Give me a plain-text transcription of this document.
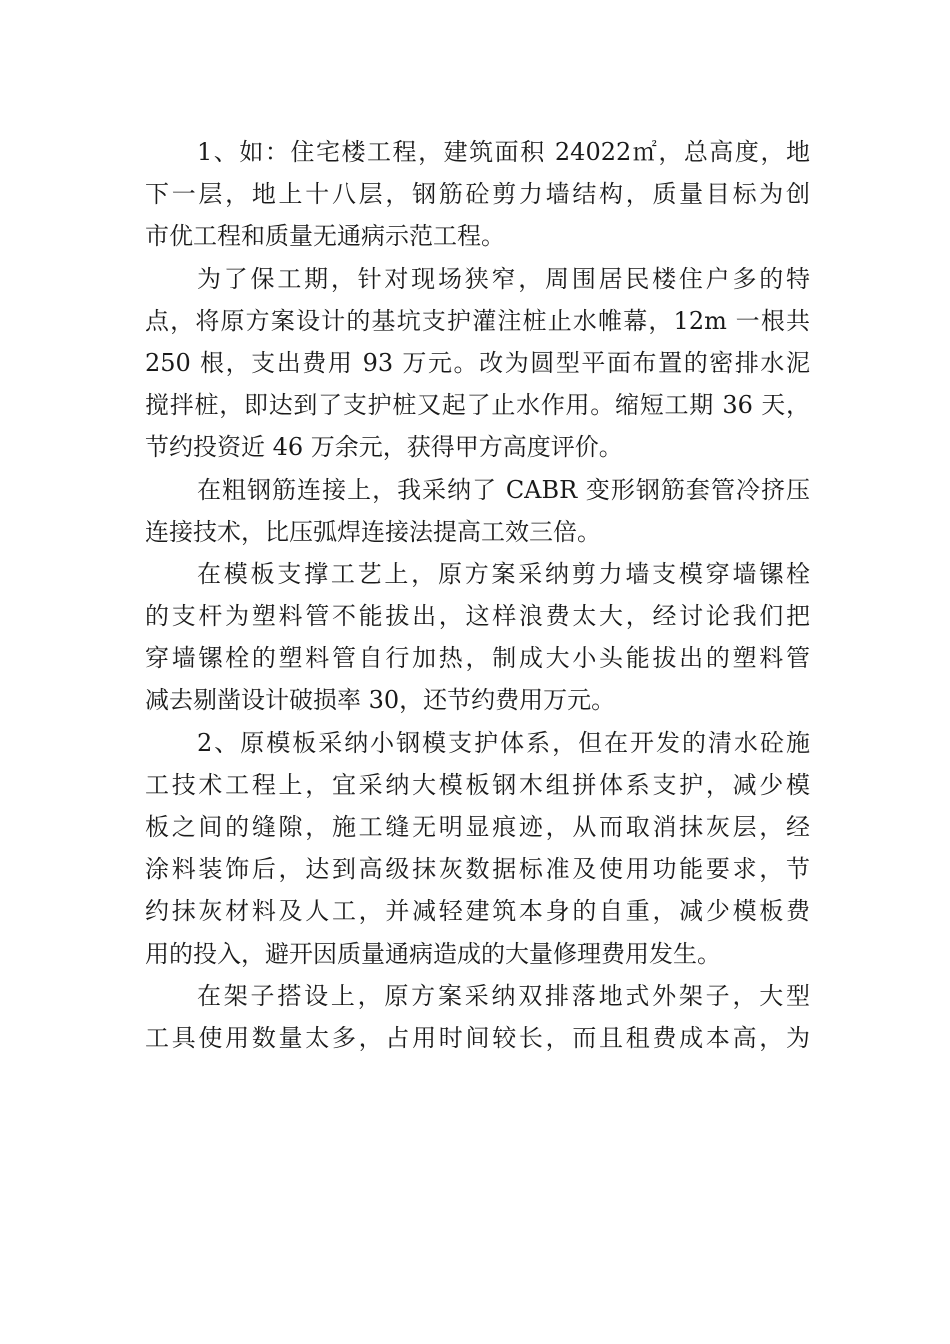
1、如：住宅楼工程，建筑面积 24022㎡，总高度，地
下一层，地上十八层，钢筋砼剪力墙结构，质量目标为创
市优工程和质量无通病示范工程。
为了保工期，针对现场狭窄，周围居民楼住户多的特
点，将原方案设计的基坑支护灌注桩止水帷幕，12m 一根共
250 根，支出费用 93 万元。改为圆型平面布置的密排水泥
搅拌桩，即达到了支护桩又起了止水作用。缩短工期 36 天，
节约投资近 46 万余元，获得甲方高度评价。
在粗钢筋连接上，我采纳了 CABR 变形钢筋套管冷挤压
连接技术，比压弧焊连接法提高工效三倍。
在模板支撑工艺上，原方案采纳剪力墙支模穿墙镙栓
的支杆为塑料管不能拔出，这样浪费太大，经讨论我们把
穿墙镙栓的塑料管自行加热，制成大小头能拔出的塑料管
减去剔凿设计破损率 30，还节约费用万元。
2、原模板采纳小钢模支护体系，但在开发的清水砼施
工技术工程上，宜采纳大模板钢木组拼体系支护，减少模
板之间的缝隙，施工缝无明显痕迹，从而取消抹灰层，经
涂料装饰后，达到高级抹灰数据标准及使用功能要求，节
约抹灰材料及人工，并减轻建筑本身的自重，减少模板费
用的投入，避开因质量通病造成的大量修理费用发生。
在架子搭设上，原方案采纳双排落地式外架子，大型
工具使用数量太多，占用时间较长，而且租费成本高，为
